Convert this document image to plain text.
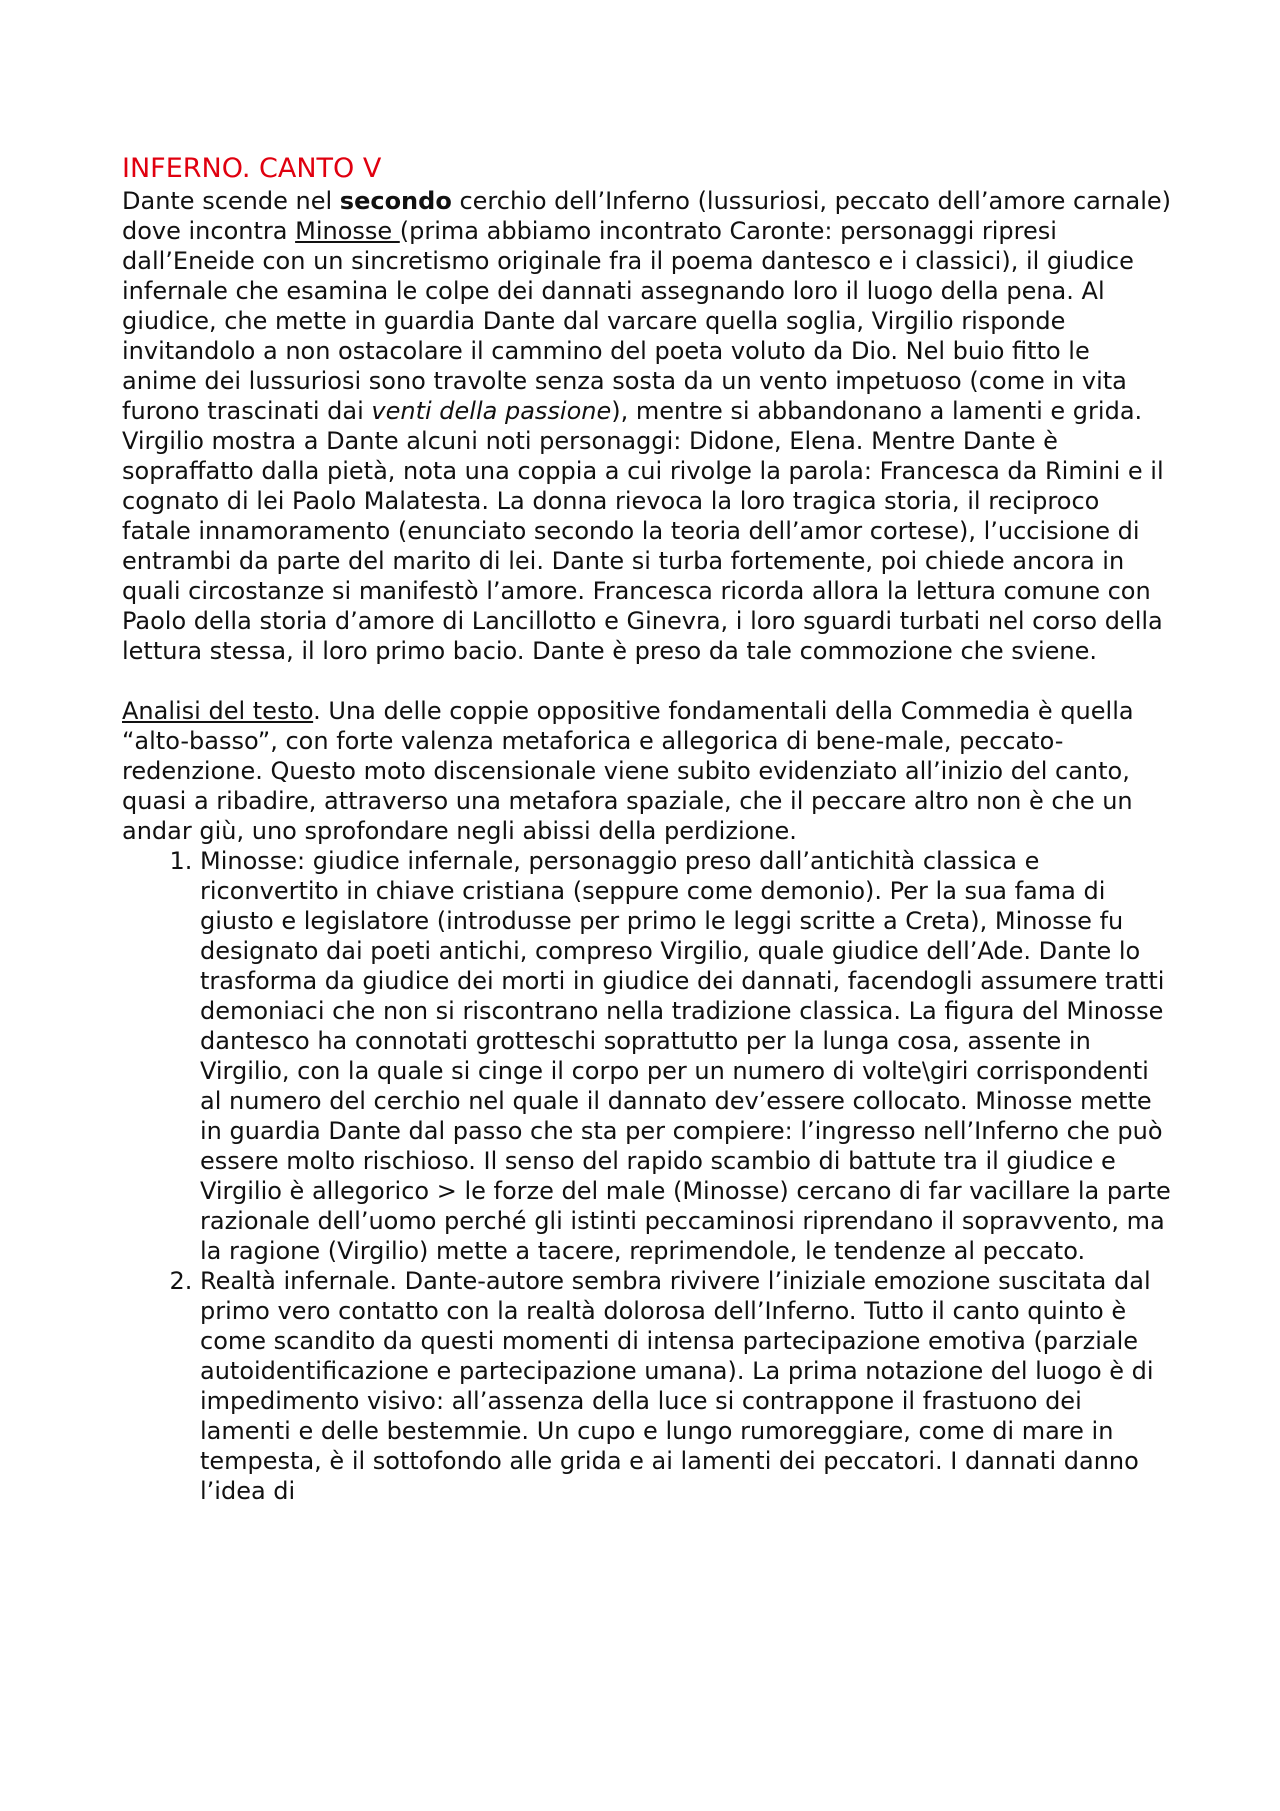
INFERNO. CANTO V

Dante scende nel secondo cerchio dell’Inferno (lussuriosi, peccato dell’amore carnale) dove incontra Minosse (prima abbiamo incontrato Caronte: personaggi ripresi dall’Eneide con un sincretismo originale fra il poema dantesco e i classici), il giudice infernale che esamina le colpe dei dannati assegnando loro il luogo della pena. Al giudice, che mette in guardia Dante dal varcare quella soglia, Virgilio risponde invitandolo a non ostacolare il cammino del poeta voluto da Dio. Nel buio fitto le anime dei lussuriosi sono travolte senza sosta da un vento impetuoso (come in vita furono trascinati dai venti della passione), mentre si abbandonano a lamenti e grida. Virgilio mostra a Dante alcuni noti personaggi: Didone, Elena. Mentre Dante è sopraffatto dalla pietà, nota una coppia a cui rivolge la parola: Francesca da Rimini e il cognato di lei Paolo Malatesta. La donna rievoca la loro tragica storia, il reciproco fatale innamoramento (enunciato secondo la teoria dell’amor cortese), l’uccisione di entrambi da parte del marito di lei. Dante si turba fortemente, poi chiede ancora in quali circostanze si manifestò l’amore. Francesca ricorda allora la lettura comune con Paolo della storia d’amore di Lancillotto e Ginevra, i loro sguardi turbati nel corso della lettura stessa, il loro primo bacio. Dante è preso da tale commozione che sviene.

Analisi del testo. Una delle coppie oppositive fondamentali della Commedia è quella “alto-basso”, con forte valenza metaforica e allegorica di bene-male, peccato-redenzione. Questo moto discensionale viene subito evidenziato all’inizio del canto, quasi a ribadire, attraverso una metafora spaziale, che il peccare altro non è che un andar giù, uno sprofondare negli abissi della perdizione.

1. Minosse: giudice infernale, personaggio preso dall’antichità classica e riconvertito in chiave cristiana (seppure come demonio). Per la sua fama di giusto e legislatore (introdusse per primo le leggi scritte a Creta), Minosse fu designato dai poeti antichi, compreso Virgilio, quale giudice dell’Ade. Dante lo trasforma da giudice dei morti in giudice dei dannati, facendogli assumere tratti demoniaci che non si riscontrano nella tradizione classica. La figura del Minosse dantesco ha connotati grotteschi soprattutto per la lunga cosa, assente in Virgilio, con la quale si cinge il corpo per un numero di volte\giri corrispondenti al numero del cerchio nel quale il dannato dev’essere collocato. Minosse mette in guardia Dante dal passo che sta per compiere: l’ingresso nell’Inferno che può essere molto rischioso. Il senso del rapido scambio di battute tra il giudice e Virgilio è allegorico > le forze del male (Minosse) cercano di far vacillare la parte razionale dell’uomo perché gli istinti peccaminosi riprendano il sopravvento, ma la ragione (Virgilio) mette a tacere, reprimendole, le tendenze al peccato.
2. Realtà infernale. Dante-autore sembra rivivere l’iniziale emozione suscitata dal primo vero contatto con la realtà dolorosa dell’Inferno. Tutto il canto quinto è come scandito da questi momenti di intensa partecipazione emotiva (parziale autoidentificazione e partecipazione umana). La prima notazione del luogo è di impedimento visivo: all’assenza della luce si contrappone il frastuono dei lamenti e delle bestemmie. Un cupo e lungo rumoreggiare, come di mare in tempesta, è il sottofondo alle grida e ai lamenti dei peccatori. I dannati danno l’idea di
